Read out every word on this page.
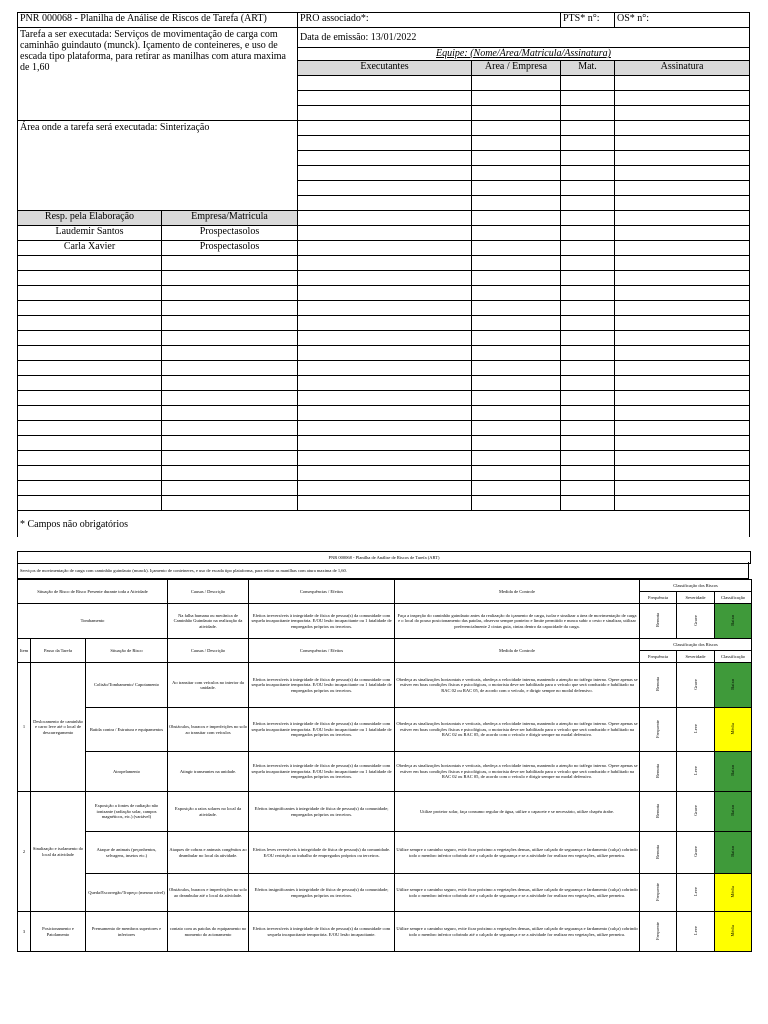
PNR 000068 - Planilha de Análise de Riscos de Tarefa (ART)		PRO associado*:		PTS* n°:	OS* n°:
Tarefa a ser executada: Serviços de movimentação de carga com caminhão guindauto (munck). Içamento de conteineres, e uso de escada tipo plataforma, para retirar as manilhas com atura maxima de 1,60		Data de emissão: 13/01/2022			
		Equipe: (Nome/Área/Matricula/Assinatura)			
		Executantes	Área / Empresa	Mat.	Assinatura

Área onde a tarefa será executada: Sinterização					

Resp. pela Elaboração	Empresa/Matricula				
Laudemir Santos	Prospectasolos				
Carla Xavier	Prospectasolos				

* Campos não obrigatórios					
PNR 000068 - Planilha de Análise de Riscos de Tarefa (ART)
Serviços de movimentação de carga com caminhão guindauto (munck). Içamento de conteineres, e uso de escada tipo plataforma, para retirar as manilhas com atura maxima de 1,60.
Situação de Risco de Risco Presente durante toda a Atividade			Causas / Descrição	Consequências / Efeitos	Medida de Controle	Classificação dos Riscos		
						Frequência	Severidade	Classificação
Tombamento			Na falha humana ou mecânica de Caminhão Guindauto na realização da atividade.	Efeitos irreversíveis à integridade de física de pessoa(s) da comunidade com sequela incapacitante temporária. E/OU lesão incapacitante ou 1 fatalidade de empregados próprios ou terceiros.	Faça a inspeção do caminhão guindauto antes da realização do içamento de carga, isolar e sinalizar a área de movimentação de carga e o local do pouso posicionamento das patolas, observar sempre ponteiro e limite permitido e nunca subir o cesto e sinalizar, utilizar preferencialmente 2 cintas guia, cintas dentro da capacidade da carga.	Remota	Grave	Baixo
Item	Passo da Tarefa	Situação de Risco	Causas / Descrição	Consequências / Efeitos	Medida de Controle	Classificação dos Riscos		
						Frequência	Severidade	Classificação
1	Deslocamento de caminhão e carro leve até o local de descarregamento	Colisão/Tombamento/ Capotamento	Ao transitar com veículos no interior da unidade.	Efeitos irreversíveis à integridade de física de pessoa(s) da comunidade com sequela incapacitante temporária. E/OU lesão incapacitante ou 1 fatalidade de empregados próprios ou terceiros.	Obedeça as sinalizações horizontais e verticais, obedeça a velocidade interna, mantendo a atenção no tráfego interno. Opere apenas se estiver em boas condições físicas e psicológicas, o motorista deve ser habilitado para o veículo que será conduzido e habilitado na RAC 02 ou RAC 05, de acordo com o veículo, e dirigir sempre no modal defensivo.	Remota	Grave	Baixo
		Batida contra / Estrutura e equipamentos	Obstáculos, buracos e imperfeições no solo ao transitar com veículos	Efeitos irreversíveis à integridade de física de pessoa(s) da comunidade com sequela incapacitante temporária. E/OU lesão incapacitante ou 1 fatalidade de empregados próprios ou terceiros.	Obedeça as sinalizações horizontais e verticais, obedeça a velocidade interna, mantendo a atenção no tráfego interno. Opere apenas se estiver em boas condições físicas e psicológicas, o motorista deve ser habilitado para o veículo que será conduzido e habilitado na RAC 02 ou RAC 05, de acordo com o veículo e dirigir sempre no modal defensivo.	Frequente	Leve	Média
		Atropelamento	Atingir transeuntes na unidade.	Efeitos irreversíveis à integridade de física de pessoa(s) da comunidade com sequela incapacitante temporária. E/OU lesão incapacitante ou 1 fatalidade de empregados próprios ou terceiros.	Obedeça as sinalizações horizontais e verticais, obedeça a velocidade interna, mantendo a atenção no tráfego interno. Opere apenas se estiver em boas condições físicas e psicológicas, o motorista deve ser habilitado para o veículo que será conduzido e habilitado na RAC 02 ou RAC 05, de acordo com o veículo e dirigir sempre no modal defensivo.	Remota	Leve	Baixo
2	Sinalização e isolamento do local da atividade	Exposição a fontes de radiação não ionizante (radiação solar, campos magnéticos, etc.) (variável)	Exposição a raios solares no local da atividade.	Efeitos insignificantes à integridade de física de pessoa(s) da comunidade; empregados próprios ou terceiros.	Utilize protetor solar, faça consumo regular de água, utilize o capacete e se necessário, utilize chapéu árabe.	Remota	Grave	Baixo
		Ataque de animais (peçonhentos, selvagens, insetos etc.)	Ataques de cobras e animais congênitos ao deambular no local da atividade.	Efeitos leves reversíveis à integridade de física de pessoa(s) da comunidade. E/OU restrição ao trabalho de empregados próprios ou terceiros.	Utilize sempre o caminho seguro, evite ficar próximo a vegetações densas, utilize calçado de segurança e fardamento (calça) cobrindo todo o membro inferior cobrindo até o calçado de segurança e se a atividade for realizar em vegetações, utilize perneira.	Remota	Grave	Baixo
		Queda/Escorregão/Tropeço (mesmo nível)	Obstáculos, buracos e imperfeições no solo ao deambular até o local da atividade.	Efeitos insignificantes à integridade de física de pessoa(s) da comunidade; empregados próprios ou terceiros.	Utilize sempre o caminho seguro, evite ficar próximo a vegetações densas, utilize calçado de segurança e fardamento (calça) cobrindo todo o membro inferior cobrindo até o calçado de segurança e se a atividade for realizar em vegetações, utilize perneira.	Frequente	Leve	Média
3	Posicionamento e Patolamento	Prensamento de membros superiores e inferiores	contato com as patolas do equipamento no momento do acionamento	Efeitos irreversíveis à integridade de física de pessoa(s) da comunidade com sequela incapacitante temporária. E/OU lesão incapacitante.	Utilize sempre o caminho seguro, evite ficar próximo a vegetações densas, utilize calçado de segurança e fardamento (calça) cobrindo todo o membro inferior cobrindo até o calçado de segurança e se a atividade for realizar em vegetações, utilize perneira.	Frequente	Leve	Média
